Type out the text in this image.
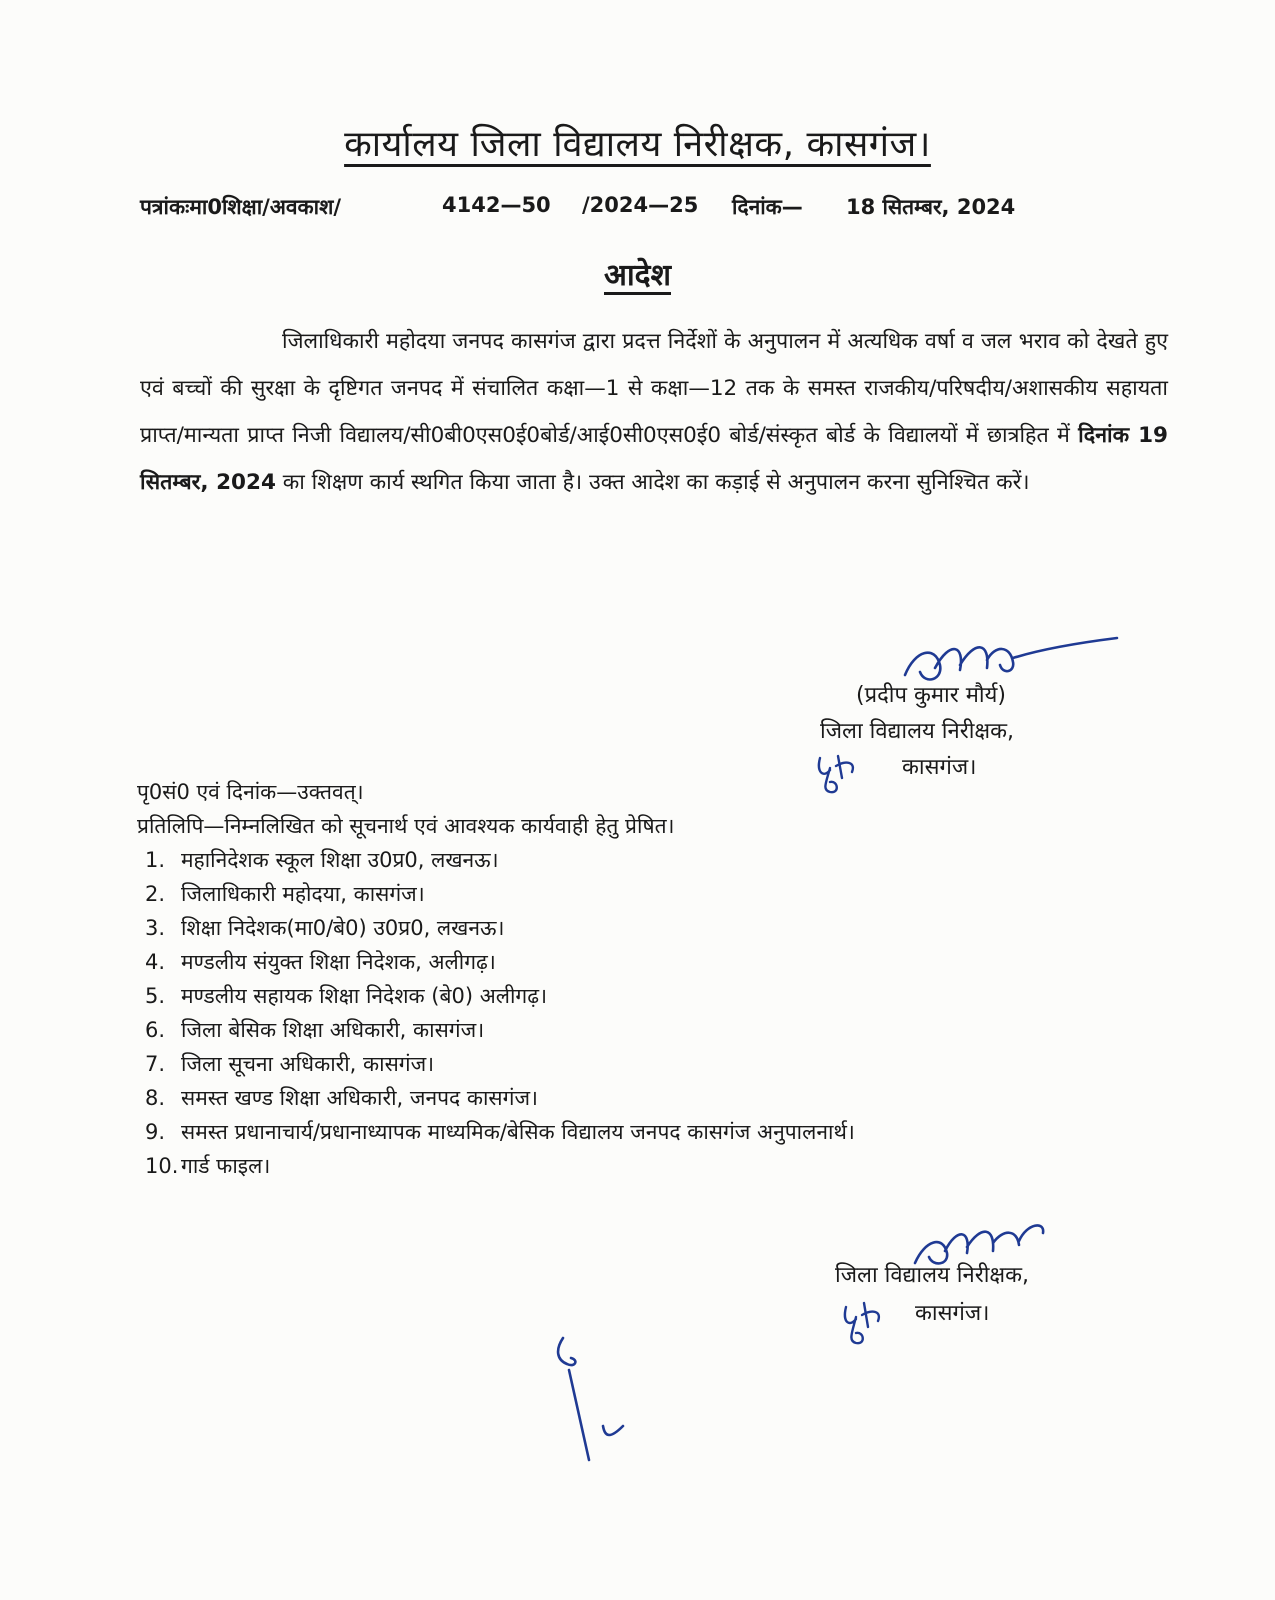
कार्यालय जिला विद्यालय निरीक्षक, कासगंज।
पत्रांकःमा0शिक्षा/अवकाश/	4142—50 /2024—25 दिनांक— 18 सितम्बर, 2024
आदेश

जिलाधिकारी महोदया जनपद कासगंज द्वारा प्रदत्त निर्देशों के अनुपालन में अत्यधिक वर्षा व जल भराव को देखते हुए एवं बच्चों की सुरक्षा के दृष्टिगत जनपद में संचालित कक्षा—1 से कक्षा—12 तक के समस्त राजकीय/परिषदीय/अशासकीय सहायता प्राप्त/मान्यता प्राप्त निजी विद्यालय/सी0बी0एस0ई0बोर्ड/आई0सी0एस0ई0 बोर्ड/संस्कृत बोर्ड के विद्यालयों में छात्रहित में दिनांक 19 सितम्बर, 2024 का शिक्षण कार्य स्थगित किया जाता है। उक्त आदेश का कड़ाई से अनुपालन करना सुनिश्चित करें।

(प्रदीप कुमार मौर्य)
जिला विद्यालय निरीक्षक,
कासगंज।
पृ0सं0 एवं दिनांक—उक्तवत्।
प्रतिलिपि—निम्नलिखित को सूचनार्थ एवं आवश्यक कार्यवाही हेतु प्रेषित।
1. महानिदेशक स्कूल शिक्षा उ0प्र0, लखनऊ।
2. जिलाधिकारी महोदया, कासगंज।
3. शिक्षा निदेशक(मा0/बे0) उ0प्र0, लखनऊ।
4. मण्डलीय संयुक्त शिक्षा निदेशक, अलीगढ़।
5. मण्डलीय सहायक शिक्षा निदेशक (बे0) अलीगढ़।
6. जिला बेसिक शिक्षा अधिकारी, कासगंज।
7. जिला सूचना अधिकारी, कासगंज।
8. समस्त खण्ड शिक्षा अधिकारी, जनपद कासगंज।
9. समस्त प्रधानाचार्य/प्रधानाध्यापक माध्यमिक/बेसिक विद्यालय जनपद कासगंज अनुपालनार्थ।
10. गार्ड फाइल।
जिला विद्यालय निरीक्षक,
कासगंज।
